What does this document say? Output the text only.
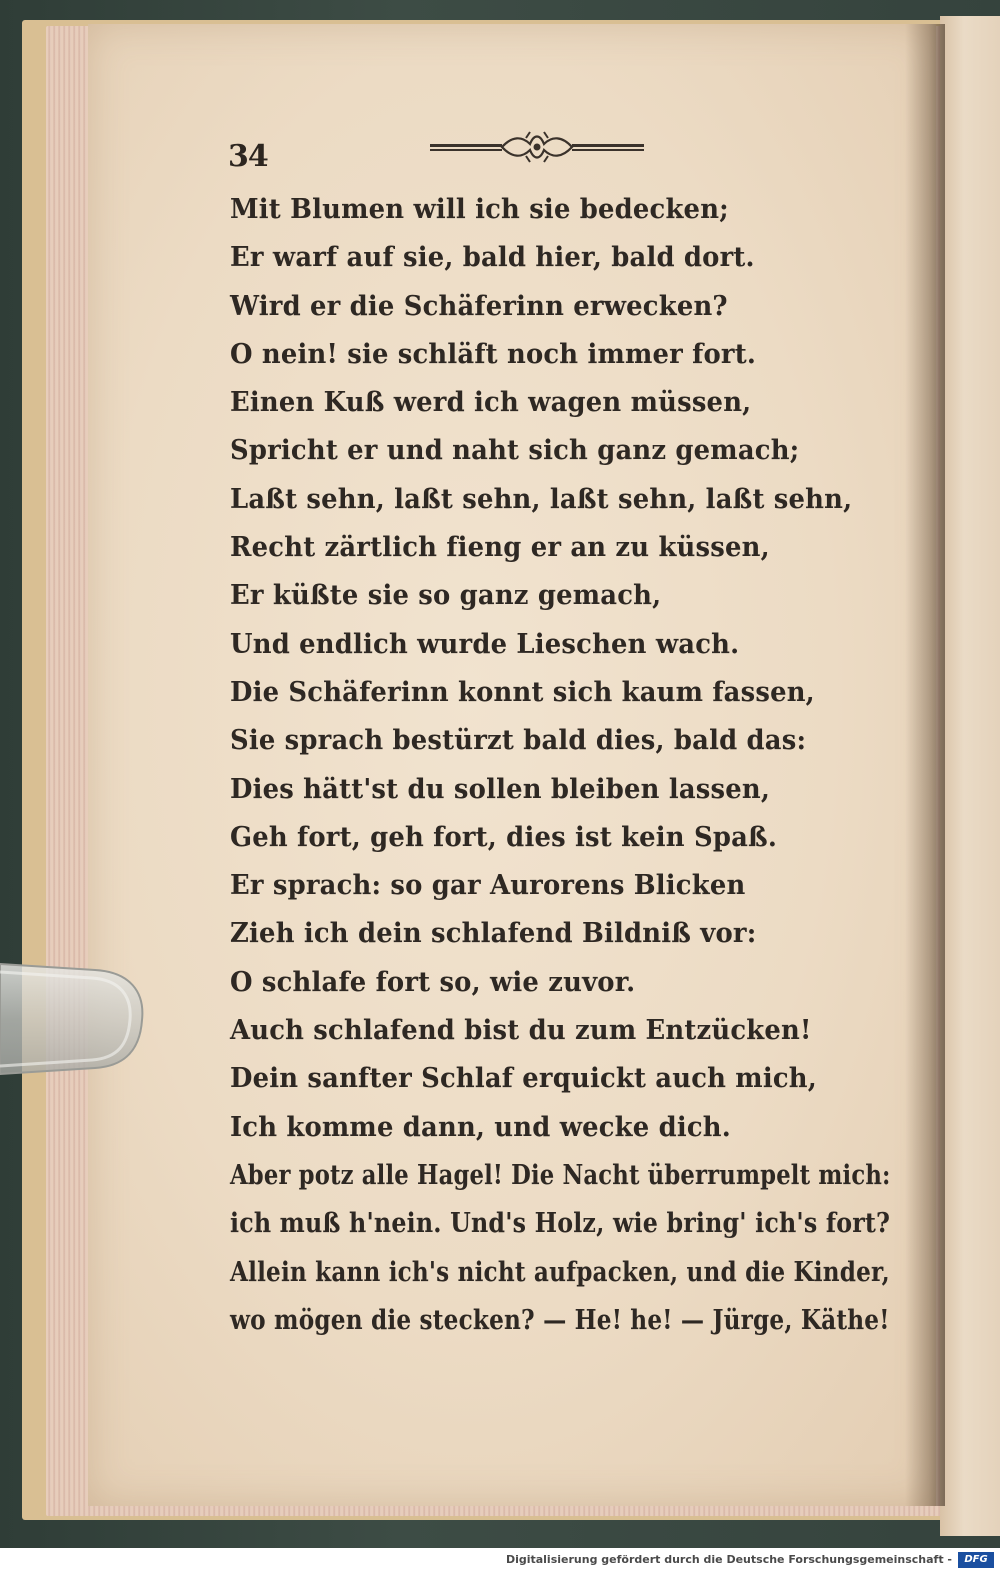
34
Mit Blumen will ich sie bedecken;
Er warf auf sie, bald hier, bald dort.
Wird er die Schäferinn erwecken?
O nein! sie schläft noch immer fort.
Einen Kuß werd ich wagen müssen,
Spricht er und naht sich ganz gemach;
Laßt sehn, laßt sehn, laßt sehn, laßt sehn,
Recht zärtlich fieng er an zu küssen,
Er küßte sie so ganz gemach,
Und endlich wurde Lieschen wach.
Die Schäferinn konnt sich kaum fassen,
Sie sprach bestürzt bald dies, bald das:
Dies hätt'st du sollen bleiben lassen,
Geh fort, geh fort, dies ist kein Spaß.
Er sprach: so gar Aurorens Blicken
Zieh ich dein schlafend Bildniß vor:
O schlafe fort so, wie zuvor.
Auch schlafend bist du zum Entzücken!
Dein sanfter Schlaf erquickt auch mich,
Ich komme dann, und wecke dich.
Aber potz alle Hagel! Die Nacht überrumpelt mich:
ich muß h'nein. Und's Holz, wie bring' ich's fort?
Allein kann ich's nicht aufpacken, und die Kinder,
wo mögen die stecken? — He! he! — Jürge, Käthe!
Digitalisierung gefördert durch die Deutsche Forschungsgemeinschaft -	DFG
